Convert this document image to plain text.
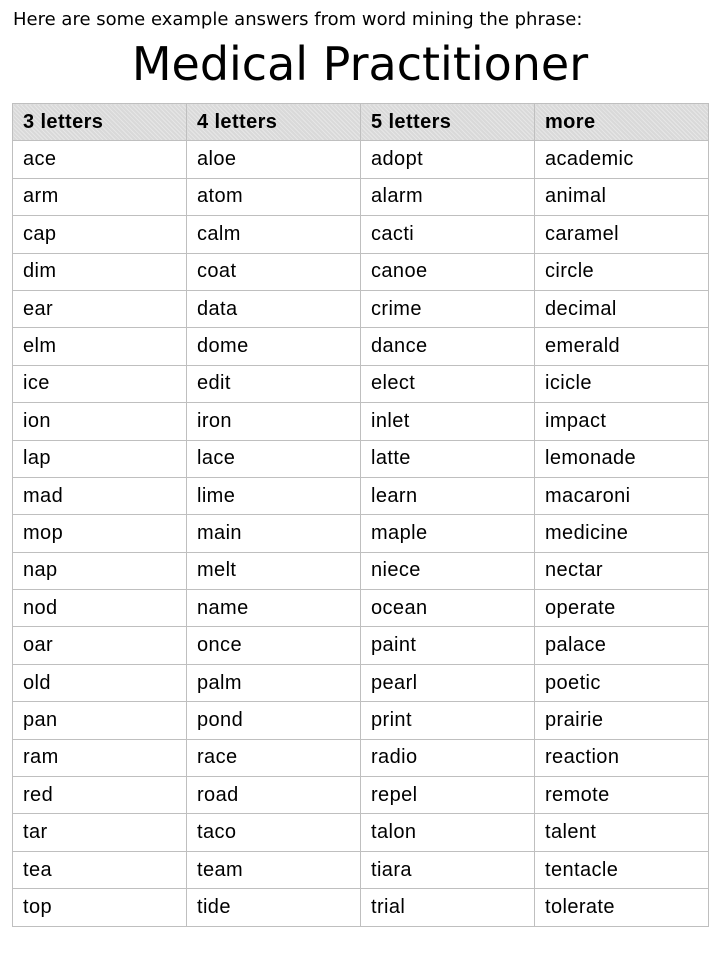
Here are some example answers from word mining the phrase:
Medical Practitioner
3 letters	4 letters	5 letters	more
ace	aloe	adopt	academic
arm	atom	alarm	animal
cap	calm	cacti	caramel
dim	coat	canoe	circle
ear	data	crime	decimal
elm	dome	dance	emerald
ice	edit	elect	icicle
ion	iron	inlet	impact
lap	lace	latte	lemonade
mad	lime	learn	macaroni
mop	main	maple	medicine
nap	melt	niece	nectar
nod	name	ocean	operate
oar	once	paint	palace
old	palm	pearl	poetic
pan	pond	print	prairie
ram	race	radio	reaction
red	road	repel	remote
tar	taco	talon	talent
tea	team	tiara	tentacle
top	tide	trial	tolerate
